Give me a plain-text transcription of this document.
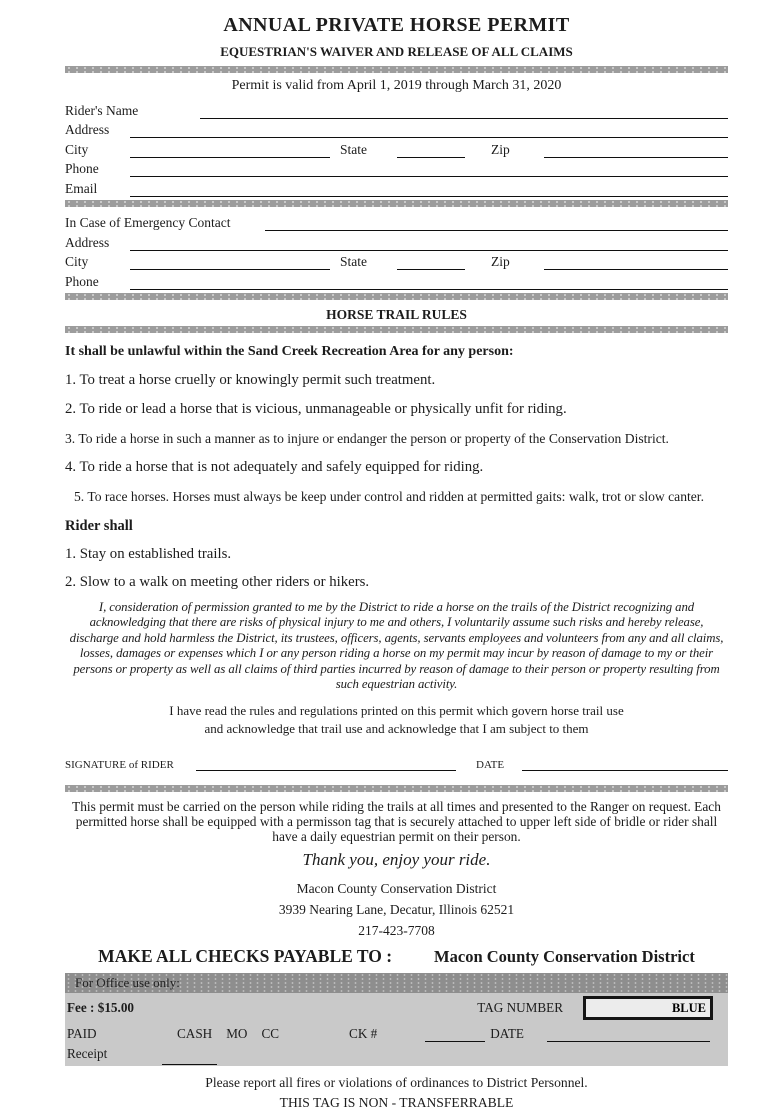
ANNUAL PRIVATE HORSE PERMIT
EQUESTRIAN'S WAIVER AND RELEASE OF ALL CLAIMS
Permit is valid from April 1, 2019 through March 31, 2020
Rider's Name
Address
City	State	Zip
Phone
Email
In Case of Emergency Contact
Address
City	State	Zip
Phone
HORSE TRAIL RULES
It shall be unlawful within the Sand Creek Recreation Area for any person:
1. To treat a horse cruelly or knowingly permit such treatment.
2. To ride or lead a horse that is vicious, unmanageable or physically unfit for riding.
3. To ride a horse in such a manner as to injure or endanger the person or property of the Conservation District.
4. To ride a horse that is not adequately and safely equipped for riding.
5. To race horses. Horses must always be keep under control and ridden at permitted gaits: walk, trot or slow canter.
Rider shall
1. Stay on established trails.
2. Slow to a walk on meeting other riders or hikers.
I, consideration of permission granted to me by the District to ride a horse on the trails of the District recognizing and acknowledging that there are risks of physical injury to me and others, I voluntarily assume such risks and hereby release, discharge and hold harmless the District, its trustees, officers, agents, servants employees and volunteers from any and all claims, losses, damages or expenses which I or any person riding a horse on my permit may incur by reason of damage to my or their persons or property as well as all claims of third parties incurred by reason of damage to their person or property resulting from such equestrian activity.
I have read the rules and regulations printed on this permit which govern horse trail use
and acknowledge that trail use and acknowledge that I am subject to them
SIGNATURE of RIDER	DATE
This permit must be carried on the person while riding the trails at all times and presented to the Ranger on request. Each permitted horse shall be equipped with a permisson tag that is securely attached to upper left side of bridle or rider shall have a daily equestrian permit on their person.
Thank you, enjoy your ride.
Macon County Conservation District
3939 Nearing Lane, Decatur, Illinois 62521
217-423-7708
MAKE ALL CHECKS PAYABLE TO :	Macon County Conservation District
For Office use only:
Fee : $15.00	TAG NUMBER	BLUE
PAID	CASH MO CC	CK #	DATE
Receipt
Please report all fires or violations of ordinances to District Personnel.
THIS TAG IS NON - TRANSFERRABLE
